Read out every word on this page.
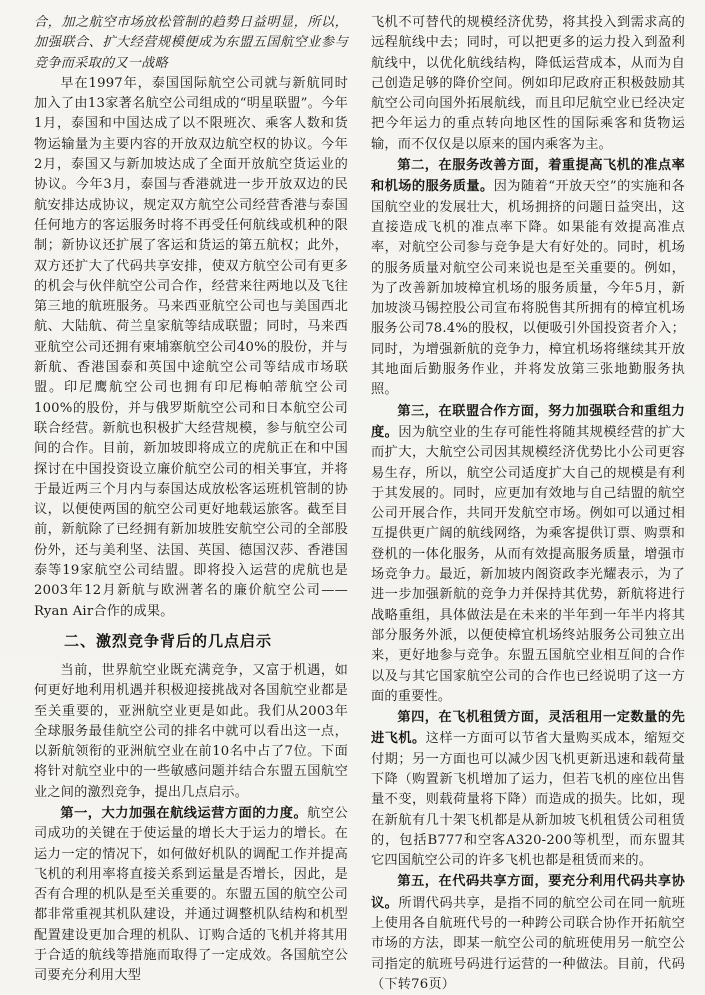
合，加之航空市场放松管制的趋势日益明显，所以，加强联合、扩大经营规模便成为东盟五国航空业参与竞争而采取的又一战略
早在1997年，泰国国际航空公司就与新航同时加入了由13家著名航空公司组成的“明星联盟”。今年1月，泰国和中国达成了以不限班次、乘客人数和货物运输量为主要内容的开放双边航空权的协议。今年2月，泰国又与新加坡达成了全面开放航空货运业的协议。今年3月，泰国与香港就进一步开放双边的民航安排达成协议，规定双方航空公司经营香港与泰国任何地方的客运服务时将不再受任何航线或机种的限制；新协议还扩展了客运和货运的第五航权；此外，双方还扩大了代码共享安排，使双方航空公司有更多的机会与伙伴航空公司合作，经营来往两地以及飞往第三地的航班服务。马来西亚航空公司也与美国西北航、大陆航、荷兰皇家航等结成联盟；同时，马来西亚航空公司还拥有柬埔寨航空公司40%的股份，并与新航、香港国泰和英国中途航空公司等结成市场联盟。印尼鹰航空公司也拥有印尼梅帕蒂航空公司100%的股份，并与俄罗斯航空公司和日本航空公司联合经营。新航也积极扩大经营规模，参与航空公司间的合作。目前，新加坡即将成立的虎航正在和中国探讨在中国投资设立廉价航空公司的相关事宜，并将于最近两三个月内与泰国达成放松客运班机管制的协议，以便使两国的航空公司更好地载运旅客。截至目前，新航除了已经拥有新加坡胜安航空公司的全部股份外，还与美利坚、法国、英国、德国汉莎、香港国泰等19家航空公司结盟。即将投入运营的虎航也是2003年12月新航与欧洲著名的廉价航空公司——Ryan Air合作的成果。
二、激烈竞争背后的几点启示
当前，世界航空业既充满竞争，又富于机遇，如何更好地利用机遇并积极迎接挑战对各国航空业都是至关重要的，亚洲航空业更是如此。我们从2003年全球服务最佳航空公司的排名中就可以看出这一点，以新航领衔的亚洲航空业在前10名中占了7位。下面将针对航空业中的一些敏感问题并结合东盟五国航空业之间的激烈竞争，提出几点启示。
第一，大力加强在航线运营方面的力度。航空公司成功的关键在于使运量的增长大于运力的增长。在运力一定的情况下，如何做好机队的调配工作并提高飞机的利用率将直接关系到运量是否增长，因此，是否有合理的机队是至关重要的。东盟五国的航空公司都非常重视其机队建设，并通过调整机队结构和机型配置建设更加合理的机队、订购合适的飞机并将其用于合适的航线等措施而取得了一定成效。各国航空公司要充分利用大型
飞机不可替代的规模经济优势，将其投入到需求高的远程航线中去；同时，可以把更多的运力投入到盈利航线中，以优化航线结构，降低运营成本，从而为自己创造足够的降价空间。例如印尼政府正积极鼓励其航空公司向国外拓展航线，而且印尼航空业已经决定把今年运力的重点转向地区性的国际乘客和货物运输，而不仅仅是以原来的国内乘客为主。
第二，在服务改善方面，着重提高飞机的准点率和机场的服务质量。因为随着“开放天空”的实施和各国航空业的发展壮大，机场拥挤的问题日益突出，这直接造成飞机的准点率下降。如果能有效提高准点率，对航空公司参与竞争是大有好处的。同时，机场的服务质量对航空公司来说也是至关重要的。例如，为了改善新加坡樟宜机场的服务质量，今年5月，新加坡淡马锡控股公司宣布将脱售其所拥有的樟宜机场服务公司78.4%的股权，以便吸引外国投资者介入；同时，为增强新航的竞争力，樟宜机场将继续其开放其地面后勤服务作业，并将发放第三张地勤服务执照。
第三，在联盟合作方面，努力加强联合和重组力度。因为航空业的生存可能性将随其规模经营的扩大而扩大，大航空公司因其规模经济优势比小公司更容易生存，所以，航空公司适度扩大自己的规模是有利于其发展的。同时，应更加有效地与自己结盟的航空公司开展合作，共同开发航空市场。例如可以通过相互提供更广阔的航线网络，为乘客提供订票、购票和登机的一体化服务，从而有效提高服务质量，增强市场竞争力。最近，新加坡内阁资政李光耀表示，为了进一步加强新航的竞争力并保持其优势，新航将进行战略重组，具体做法是在未来的半年到一年半内将其部分服务外派，以便使樟宜机场终站服务公司独立出来，更好地参与竞争。东盟五国航空业相互间的合作以及与其它国家航空公司的合作也已经说明了这一方面的重要性。
第四，在飞机租赁方面，灵活租用一定数量的先进飞机。这样一方面可以节省大量购买成本，缩短交付期；另一方面也可以减少因飞机更新迅速和载荷量下降（购置新飞机增加了运力，但若飞机的座位出售量不变，则载荷量将下降）而造成的损失。比如，现在新航有几十架飞机都是从新加坡飞机租赁公司租赁的，包括B777和空客A320-200等机型，而东盟其它四国航空公司的许多飞机也都是租赁而来的。
第五，在代码共享方面，要充分利用代码共享协议。所谓代码共享，是指不同的航空公司在同一航班上使用各自航班代号的一种跨公司联合协作开拓航空市场的方法，即某一航空公司的航班使用另一航空公司指定的航班号码进行运营的一种做法。目前，代码（下转76页）
